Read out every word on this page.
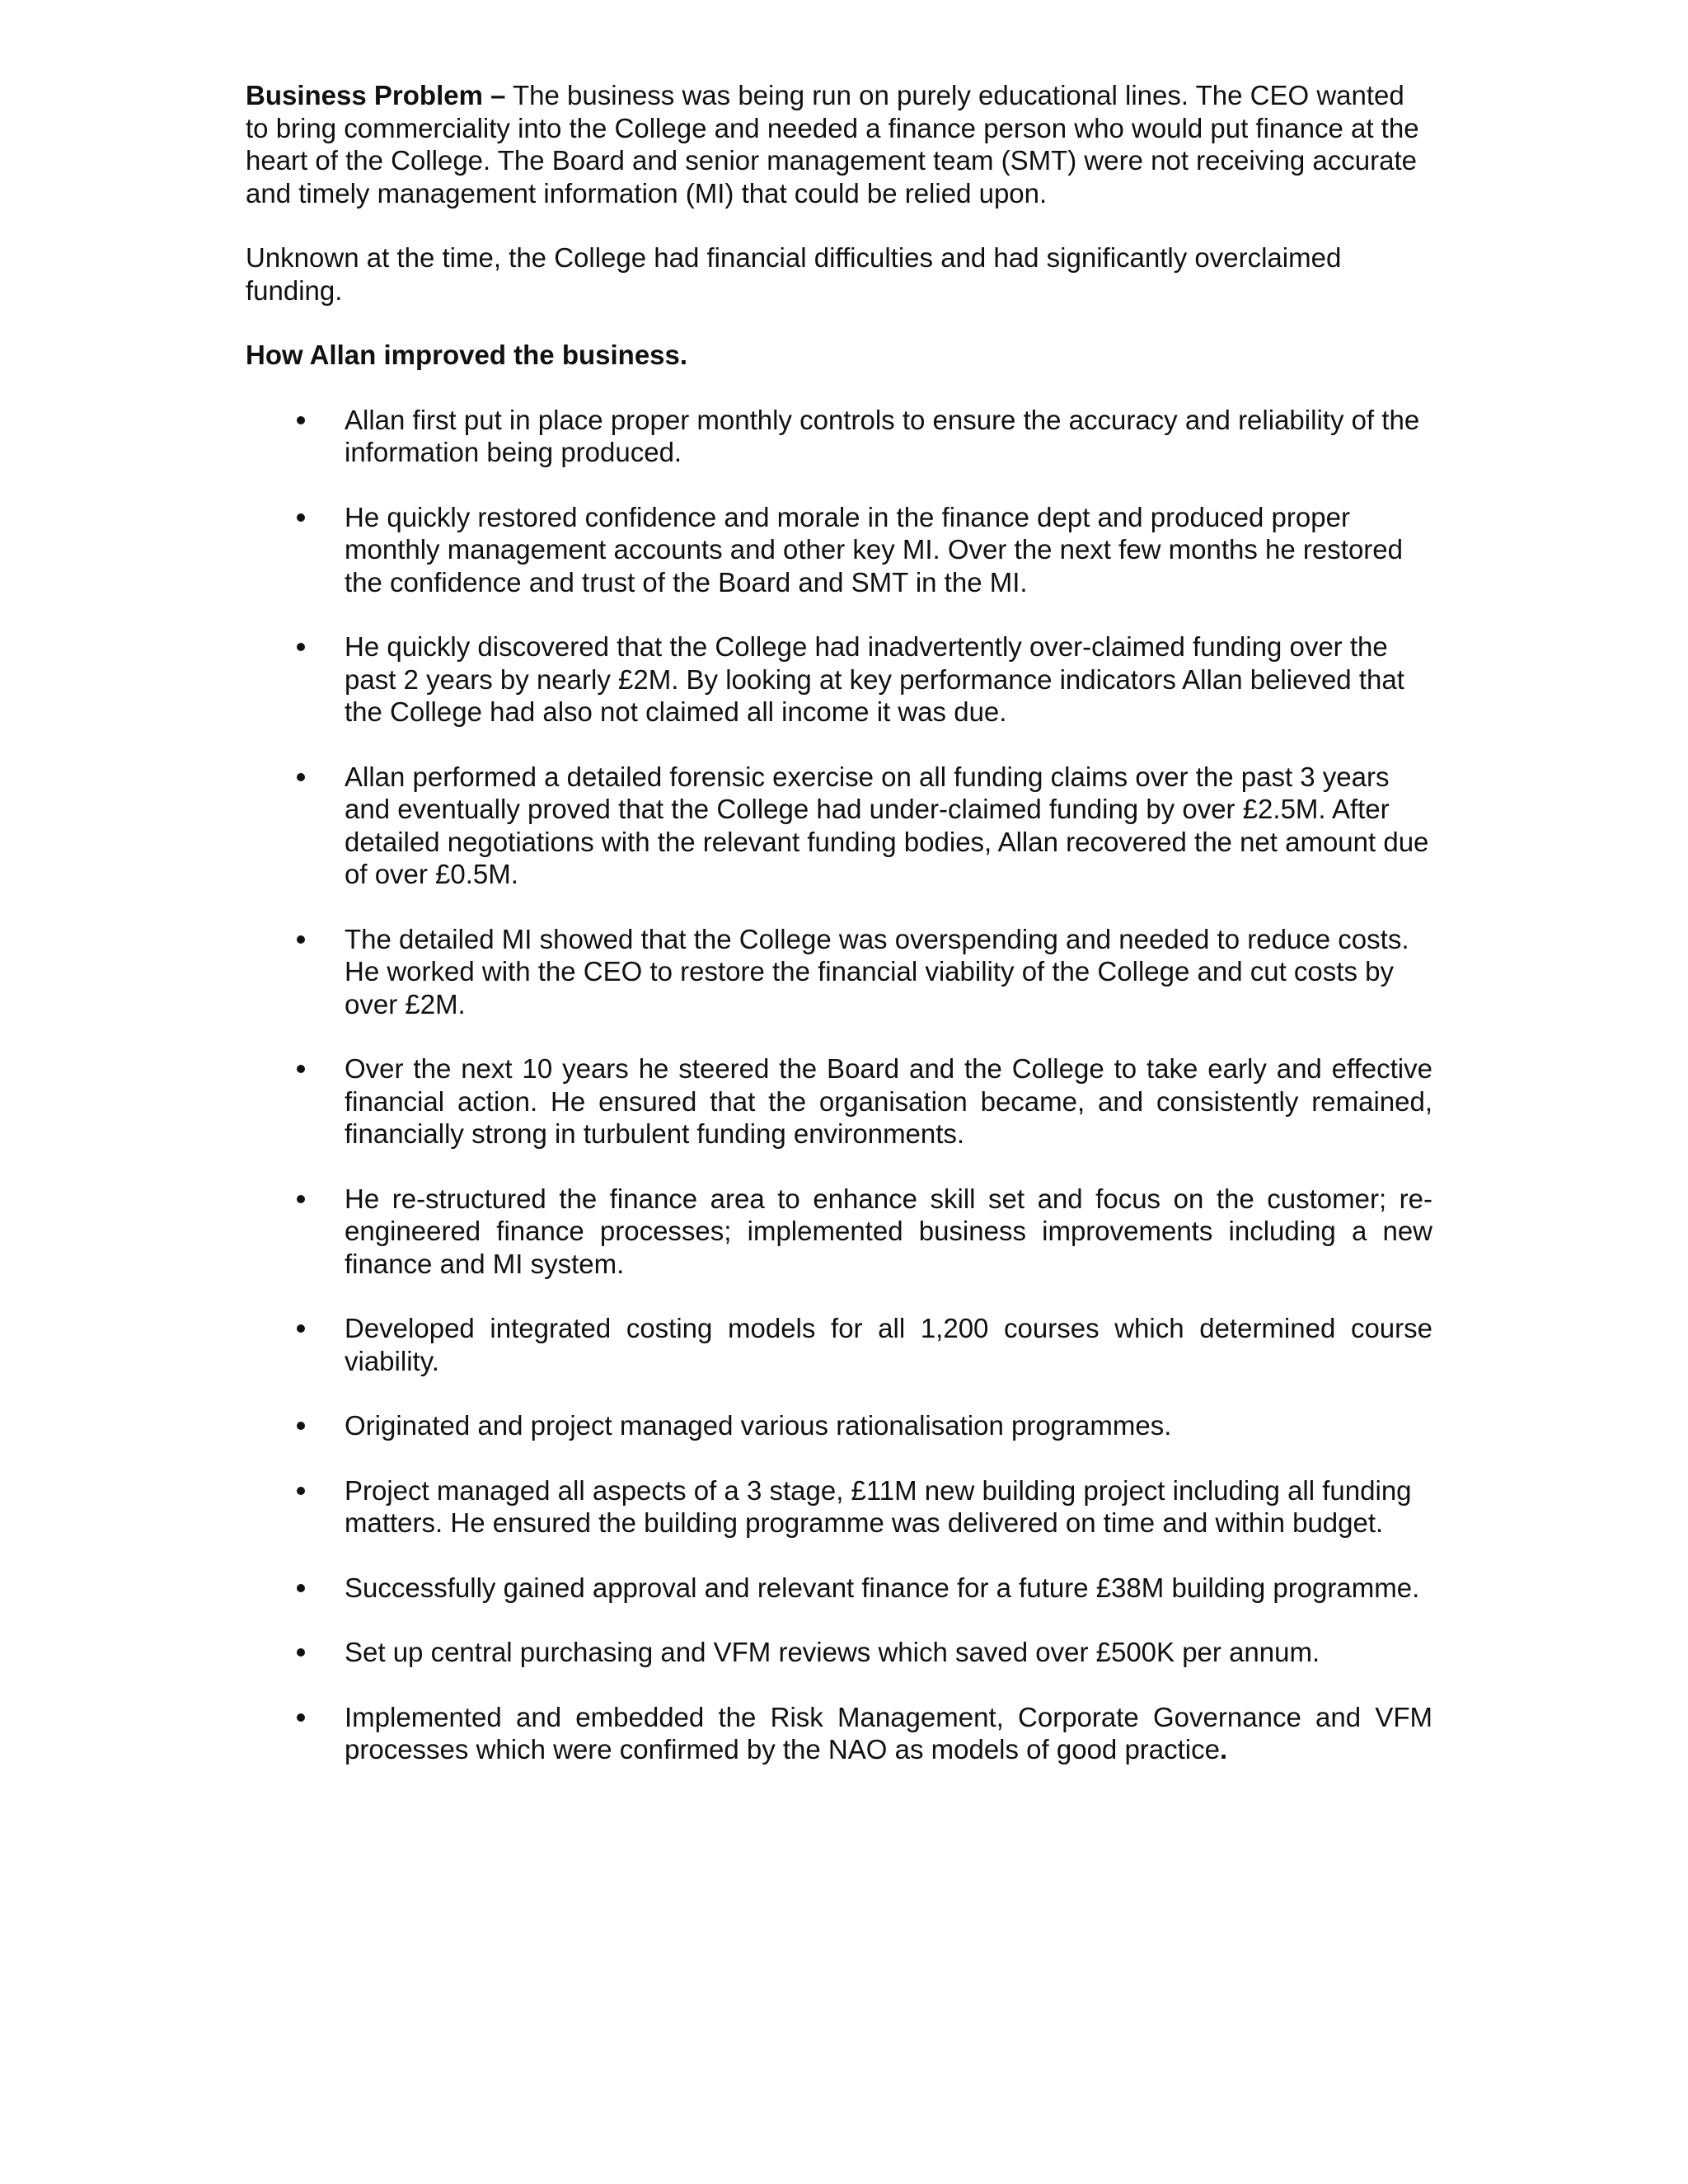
Business Problem – The business was being run on purely educational lines. The CEO wanted to bring commerciality into the College and needed a finance person who would put finance at the heart of the College. The Board and senior management team (SMT) were not receiving accurate and timely management information (MI) that could be relied upon.

Unknown at the time, the College had financial difficulties and had significantly overclaimed funding.

How Allan improved the business.

Allan first put in place proper monthly controls to ensure the accuracy and reliability of the information being produced.
He quickly restored confidence and morale in the finance dept and produced proper monthly management accounts and other key MI. Over the next few months he restored the confidence and trust of the Board and SMT in the MI.
He quickly discovered that the College had inadvertently over-claimed funding over the past 2 years by nearly £2M. By looking at key performance indicators Allan believed that the College had also not claimed all income it was due.
Allan performed a detailed forensic exercise on all funding claims over the past 3 years and eventually proved that the College had under-claimed funding by over £2.5M. After detailed negotiations with the relevant funding bodies, Allan recovered the net amount due of over £0.5M.
The detailed MI showed that the College was overspending and needed to reduce costs. He worked with the CEO to restore the financial viability of the College and cut costs by over £2M.
Over the next 10 years he steered the Board and the College to take early and effective financial action. He ensured that the organisation became, and consistently remained, financially strong in turbulent funding environments.
He re-structured the finance area to enhance skill set and focus on the customer; re-engineered finance processes; implemented business improvements including a new finance and MI system.
Developed integrated costing models for all 1,200 courses which determined course viability.
Originated and project managed various rationalisation programmes.
Project managed all aspects of a 3 stage, £11M new building project including all funding matters. He ensured the building programme was delivered on time and within budget.
Successfully gained approval and relevant finance for a future £38M building programme.
Set up central purchasing and VFM reviews which saved over £500K per annum.
Implemented and embedded the Risk Management, Corporate Governance and VFM processes which were confirmed by the NAO as models of good practice.
